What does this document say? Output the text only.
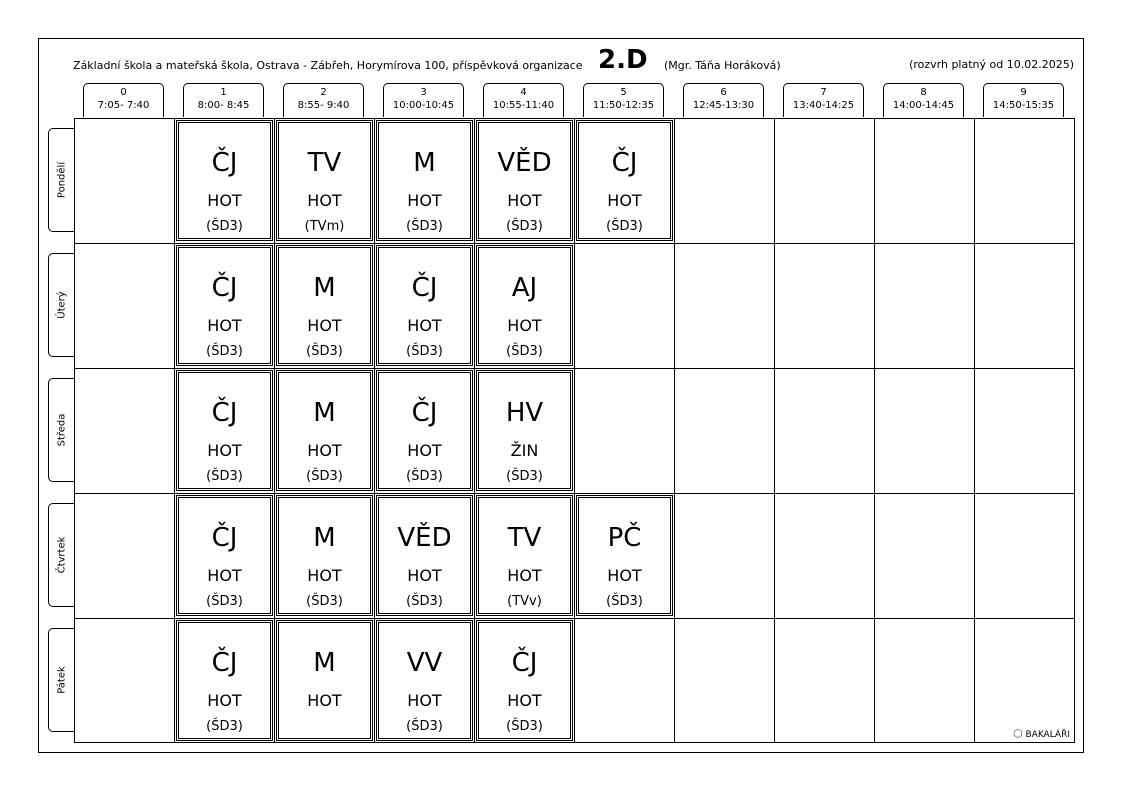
Základní škola a mateřská škola, Ostrava - Zábřeh, Horymírova 100, příspěvková organizace 2.D (Mgr. Táňa Horáková)	(rozvrh platný od 10.02.2025)
0
7:05- 7:40
1
8:00- 8:45
2
8:55- 9:40
3
10:00-10:45
4
10:55-11:40
5
11:50-12:35
6
12:45-13:30
7
13:40-14:25
8
14:00-14:45
9
14:50-15:35
Pondělí
Úterý
Středa
Čtvrtek
Pátek
ČJ
HOT
(ŠD3)
TV
HOT
(TVm)
M
HOT
(ŠD3)
VĚD
HOT
(ŠD3)
ČJ
HOT
(ŠD3)
ČJ
HOT
(ŠD3)
M
HOT
(ŠD3)
ČJ
HOT
(ŠD3)
AJ
HOT
(ŠD3)
ČJ
HOT
(ŠD3)
M
HOT
(ŠD3)
ČJ
HOT
(ŠD3)
HV
ŽIN
(ŠD3)
ČJ
HOT
(ŠD3)
M
HOT
(ŠD3)
VĚD
HOT
(ŠD3)
TV
HOT
(TVv)
PČ
HOT
(ŠD3)
ČJ
HOT
(ŠD3)
M
HOT
VV
HOT
(ŠD3)
ČJ
HOT
(ŠD3)	⬡ BAKALÁŘI
